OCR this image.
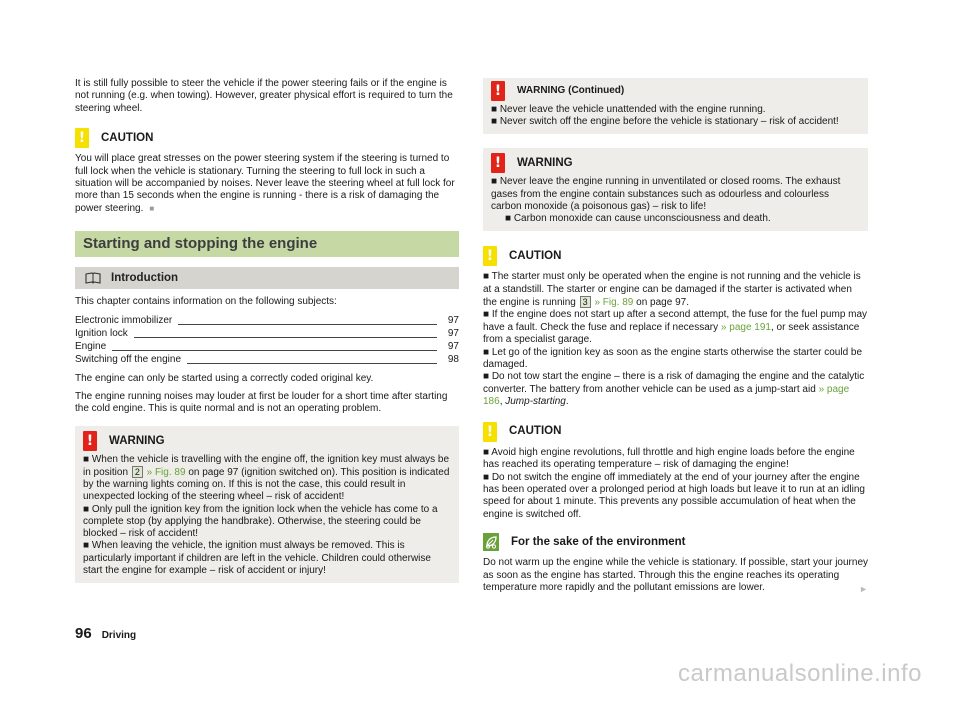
It is still fully possible to steer the vehicle if the power steering fails or if the engine is not running (e.g. when towing). However, greater physical effort is required to turn the steering wheel.

!	CAUTION

You will place great stresses on the power steering system if the steering is turned to full lock when the vehicle is stationary. Turning the steering to full lock in such a situation will be accompanied by noises. Never leave the steering wheel at full lock for more than 15 seconds when the engine is running - there is a risk of damaging the power steering. ■

Starting and stopping the engine
Introduction

This chapter contains information on the following subjects:

Electronic immobilizer	97
Ignition lock	97
Engine	97
Switching off the engine	98

The engine can only be started using a correctly coded original key.

The engine running noises may louder at first be louder for a short time after starting the cold engine. This is quite normal and is not an operating problem.

!	WARNING

■ When the vehicle is travelling with the engine off, the ignition key must always be in position 2 » Fig. 89 on page 97 (ignition switched on). This position is indicated by the warning lights coming on. If this is not the case, this could result in unexpected locking of the steering wheel – risk of accident!

■ Only pull the ignition key from the ignition lock when the vehicle has come to a complete stop (by applying the handbrake). Otherwise, the steering could be blocked – risk of accident!

■ When leaving the vehicle, the ignition must always be removed. This is particularly important if children are left in the vehicle. Children could otherwise start the engine for example – risk of accident or injury!

!	WARNING (Continued)

■ Never leave the vehicle unattended with the engine running.

■ Never switch off the engine before the vehicle is stationary – risk of accident!

!	WARNING

■ Never leave the engine running in unventilated or closed rooms. The exhaust gases from the engine contain substances such as odourless and colourless carbon monoxide (a poisonous gas) – risk to life!

■ Carbon monoxide can cause unconsciousness and death.

!	CAUTION

■ The starter must only be operated when the engine is not running and the vehicle is at a standstill. The starter or engine can be damaged if the starter is activated when the engine is running 3 » Fig. 89 on page 97.

■ If the engine does not start up after a second attempt, the fuse for the fuel pump may have a fault. Check the fuse and replace if necessary » page 191, or seek assistance from a specialist garage.

■ Let go of the ignition key as soon as the engine starts otherwise the starter could be damaged.

■ Do not tow start the engine – there is a risk of damaging the engine and the catalytic converter. The battery from another vehicle can be used as a jump-start aid » page 186, Jump-starting.

!	CAUTION

■ Avoid high engine revolutions, full throttle and high engine loads before the engine has reached its operating temperature – risk of damaging the engine!

■ Do not switch the engine off immediately at the end of your journey after the engine has been operated over a prolonged period at high loads but leave it to run at an idling speed for about 1 minute. This prevents any possible accumulation of heat when the engine is switched off.

For the sake of the environment

Do not warm up the engine while the vehicle is stationary. If possible, start your journey as soon as the engine has started. Through this the engine reaches its operating temperature more rapidly and the pollutant emissions are lower.	►

96 Driving
carmanualsonline.info
